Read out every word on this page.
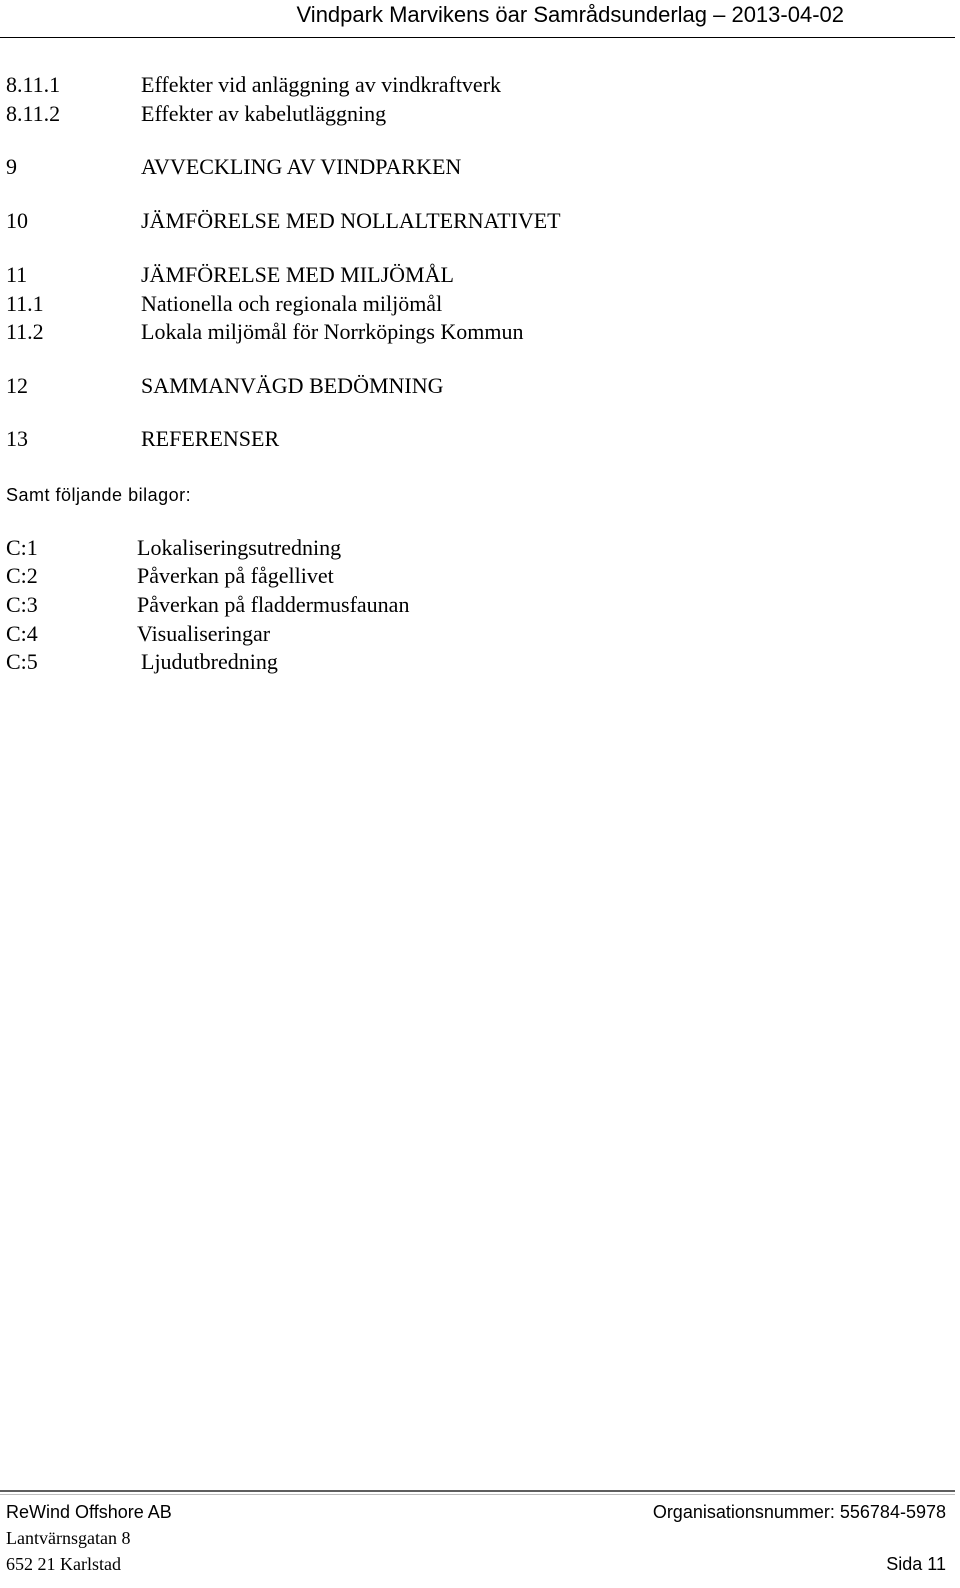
Vindpark Marvikens öar Samrådsunderlag – 2013-04-02
8.11.1	Effekter vid anläggning av vindkraftverk
8.11.2	Effekter av kabelutläggning
9	AVVECKLING AV VINDPARKEN
10	JÄMFÖRELSE MED NOLLALTERNATIVET
11	JÄMFÖRELSE MED MILJÖMÅL
11.1	Nationella och regionala miljömål
11.2	Lokala miljömål för Norrköpings Kommun
12	SAMMANVÄGD BEDÖMNING
13	REFERENSER
Samt följande bilagor:
C:1	Lokaliseringsutredning
C:2	Påverkan på fågellivet
C:3	Påverkan på fladdermusfaunan
C:4	Visualiseringar
C:5	Ljudutbredning
ReWind Offshore AB	Organisationsnummer: 556784-5978
Lantvärnsgatan 8
652 21 Karlstad	Sida 11
